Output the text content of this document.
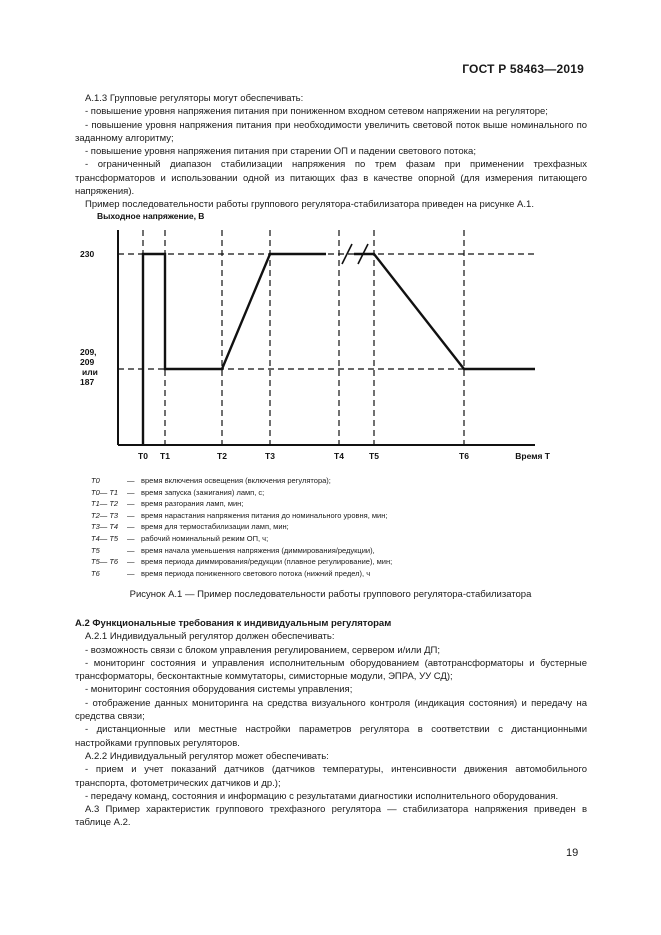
ГОСТ Р 58463—2019

А.1.3 Групповые регуляторы могут обеспечивать:

- повышение уровня напряжения питания при пониженном входном сетевом напряжении на регуляторе;

- повышение уровня напряжения питания при необходимости увеличить световой поток выше номинального по заданному алгоритму;

- повышение уровня напряжения питания при старении ОП и падении светового потока;

- ограниченный диапазон стабилизации напряжения по трем фазам при применении трехфазных трансформаторов и использовании одной из питающих фаз в качестве опорной (для измерения питающего напряжения).

Пример последовательности работы группового регулятора-стабилизатора приведен на рисунке А.1.

Выходное напряжение, В
230
209, 209 или 187
Т0 Т1	Т2	Т3	Т4	Т5	Т6	Время Т
Т0	— время включения освещения (включения регулятора);
Т0— Т1	— время запуска (зажигания) ламп, с;
Т1— Т2	— время разгорания ламп, мин;
Т2— Т3	— время нарастания напряжения питания до номинального уровня, мин;
Т3— Т4	— время для термостабилизации ламп, мин;
Т4— Т5	— рабочий номинальный режим ОП, ч;
Т5	— время начала уменьшения напряжения (диммирования/редукции),
Т5— Т6	— время периода диммирования/редукции (плавное регулирование), мин;
Т6	— время периода пониженного светового потока (нижний предел), ч
Рисунок А.1 — Пример последовательности работы группового регулятора-стабилизатора

А.2 Функциональные требования к индивидуальным регуляторам

А.2.1 Индивидуальный регулятор должен обеспечивать:

- возможность связи с блоком управления регулированием, сервером и/или ДП;

- мониторинг состояния и управления исполнительным оборудованием (автотрансформаторы и бустерные трансформаторы, бесконтактные коммутаторы, симисторные модули, ЭПРА, УУ СД);

- мониторинг состояния оборудования системы управления;

- отображение данных мониторинга на средства визуального контроля (индикация состояния) и передачу на средства связи;

- дистанционные или местные настройки параметров регулятора в соответствии с дистанционными настройками групповых регуляторов.

А.2.2 Индивидуальный регулятор может обеспечивать:

- прием и учет показаний датчиков (датчиков температуры, интенсивности движения автомобильного транспорта, фотометрических датчиков и др.);

- передачу команд, состояния и информацию с результатами диагностики исполнительного оборудования.

А.3 Пример характеристик группового трехфазного регулятора — стабилизатора напряжения приведен в таблице А.2.

19
